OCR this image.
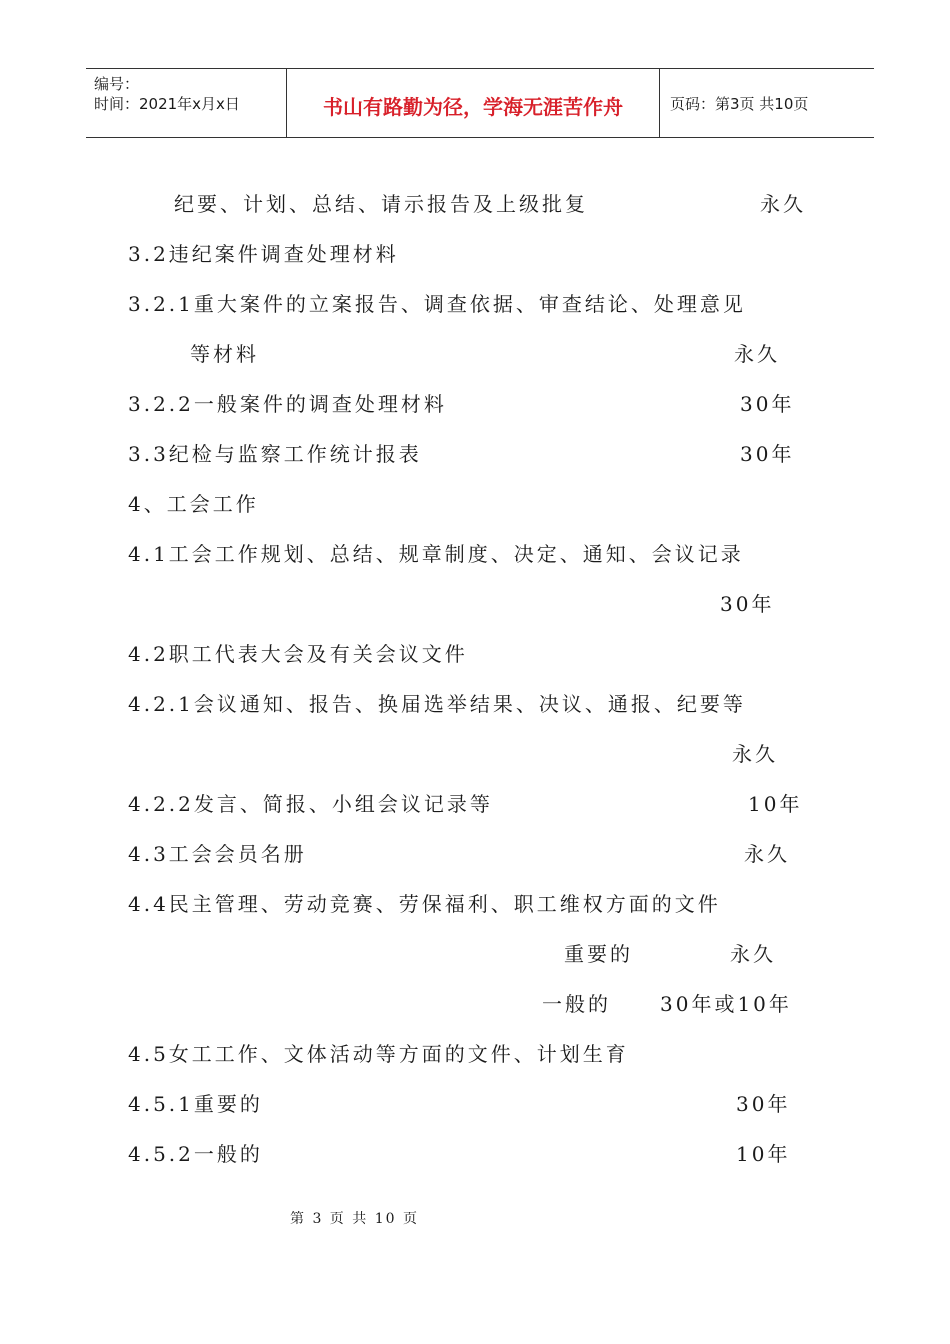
编号：
时间：2021年x月x日	书山有路勤为径，学海无涯苦作舟	页码：第3页 共10页
纪要、计划、总结、请示报告及上级批复	永久
3.2违纪案件调查处理材料
3.2.1重大案件的立案报告、调查依据、审查结论、处理意见
等材料	永久
3.2.2一般案件的调查处理材料	30年
3.3纪检与监察工作统计报表	30年
4、工会工作
4.1工会工作规划、总结、规章制度、决定、通知、会议记录
30年
4.2职工代表大会及有关会议文件
4.2.1会议通知、报告、换届选举结果、决议、通报、纪要等
永久
4.2.2发言、简报、小组会议记录等	10年
4.3工会会员名册	永久
4.4民主管理、劳动竞赛、劳保福利、职工维权方面的文件
重要的	永久
一般的 30年或10年
4.5女工工作、文体活动等方面的文件、计划生育
4.5.1重要的	30年
4.5.2一般的	10年
第 3 页 共 10 页
